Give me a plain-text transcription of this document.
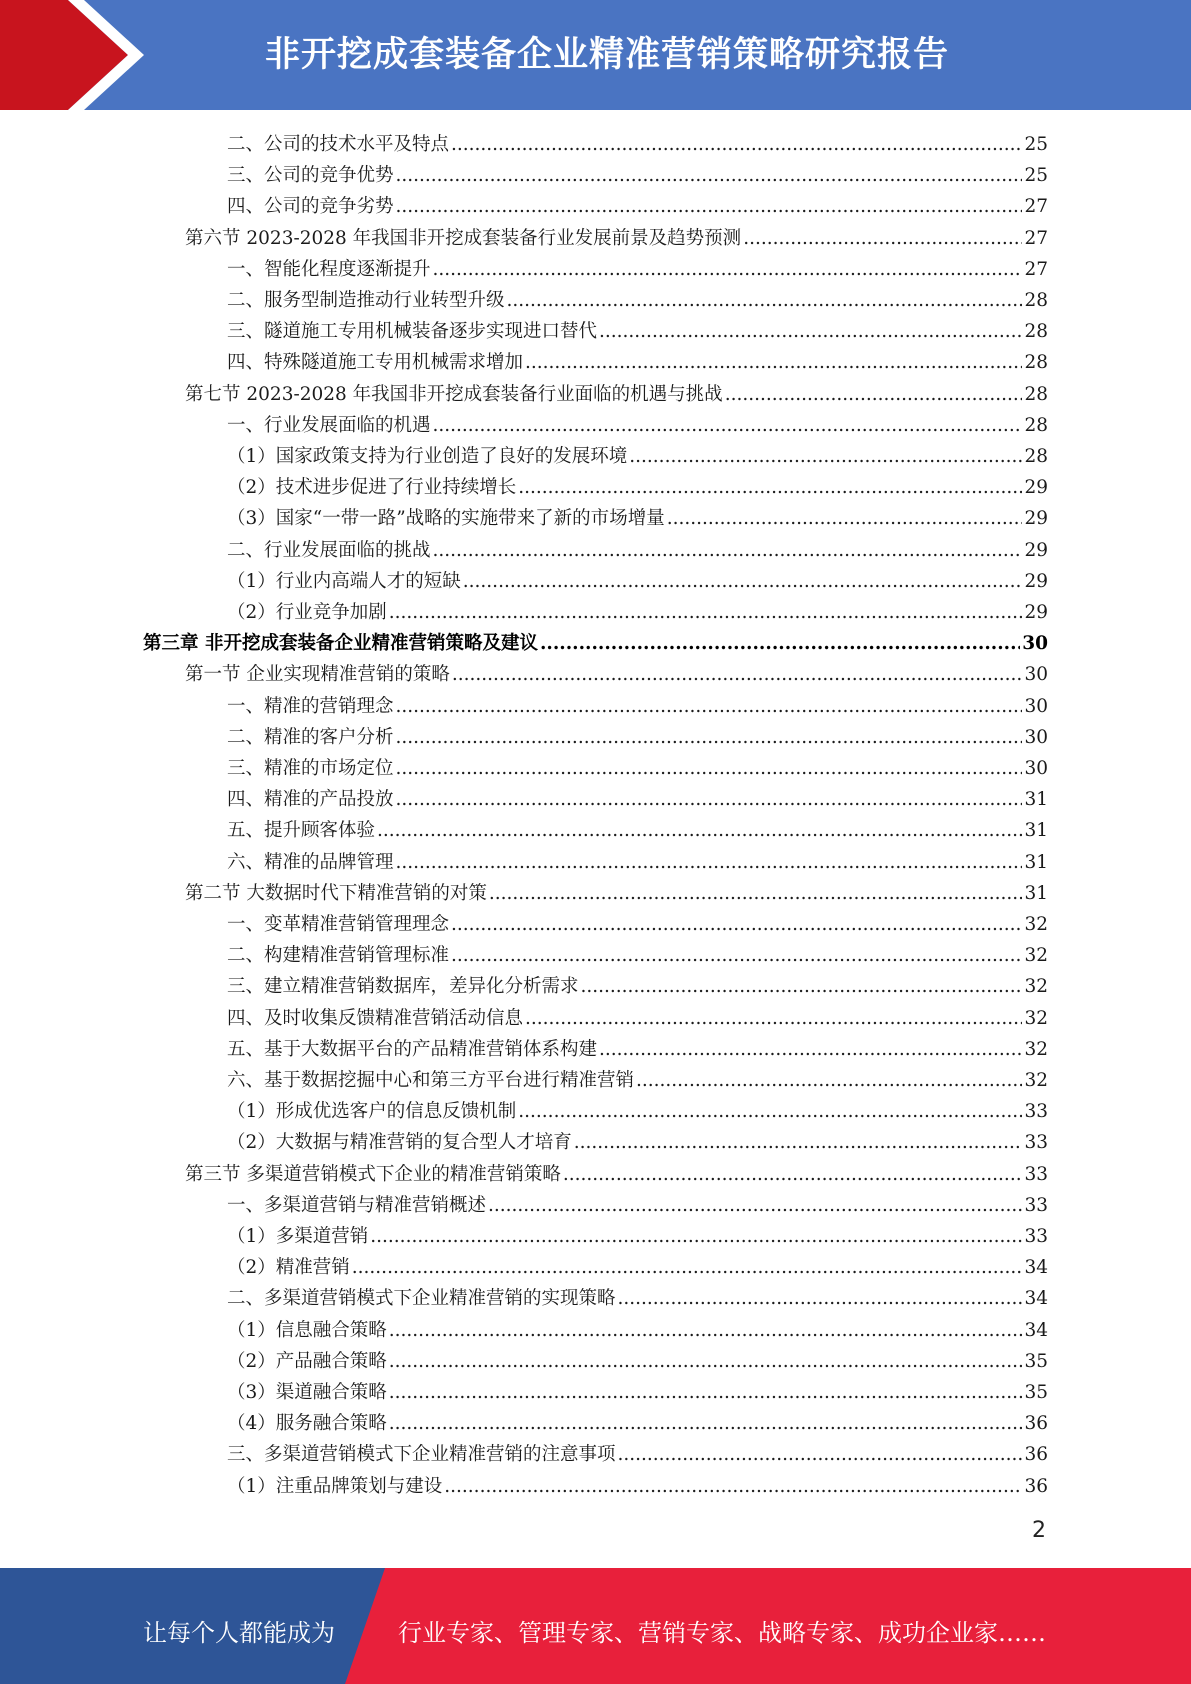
非开挖成套装备企业精准营销策略研究报告
二、公司的技术水平及特点 .....	25
三、公司的竞争优势 .....	25
四、公司的竞争劣势 .....	27
第六节 2023-2028 年我国非开挖成套装备行业发展前景及趋势预测 .....	27
一、智能化程度逐渐提升 .....	27
二、服务型制造推动行业转型升级 .....	28
三、隧道施工专用机械装备逐步实现进口替代 .....	28
四、特殊隧道施工专用机械需求增加 .....	28
第七节 2023-2028 年我国非开挖成套装备行业面临的机遇与挑战 .....	28
一、行业发展面临的机遇 .....	28
（1）国家政策支持为行业创造了良好的发展环境 .....	28
（2）技术进步促进了行业持续增长 .....	29
（3）国家“一带一路”战略的实施带来了新的市场增量 .....	29
二、行业发展面临的挑战 .....	29
（1）行业内高端人才的短缺 .....	29
（2）行业竞争加剧 .....	29
第三章 非开挖成套装备企业精准营销策略及建议 .....	30
第一节 企业实现精准营销的策略 .....	30
一、精准的营销理念 .....	30
二、精准的客户分析 .....	30
三、精准的市场定位 .....	30
四、精准的产品投放 .....	31
五、提升顾客体验 .....	31
六、精准的品牌管理 .....	31
第二节 大数据时代下精准营销的对策 .....	31
一、变革精准营销管理理念 .....	32
二、构建精准营销管理标准 .....	32
三、建立精准营销数据库，差异化分析需求 .....	32
四、及时收集反馈精准营销活动信息 .....	32
五、基于大数据平台的产品精准营销体系构建 .....	32
六、基于数据挖掘中心和第三方平台进行精准营销 .....	32
（1）形成优选客户的信息反馈机制 .....	33
（2）大数据与精准营销的复合型人才培育 .....	33
第三节 多渠道营销模式下企业的精准营销策略 .....	33
一、多渠道营销与精准营销概述 .....	33
（1）多渠道营销 .....	33
（2）精准营销 .....	34
二、多渠道营销模式下企业精准营销的实现策略 .....	34
（1）信息融合策略 .....	34
（2）产品融合策略 .....	35
（3）渠道融合策略 .....	35
（4）服务融合策略 .....	36
三、多渠道营销模式下企业精准营销的注意事项 .....	36
（1）注重品牌策划与建设 .....	36
2
让每个人都能成为	行业专家、管理专家、营销专家、战略专家、成功企业家……
